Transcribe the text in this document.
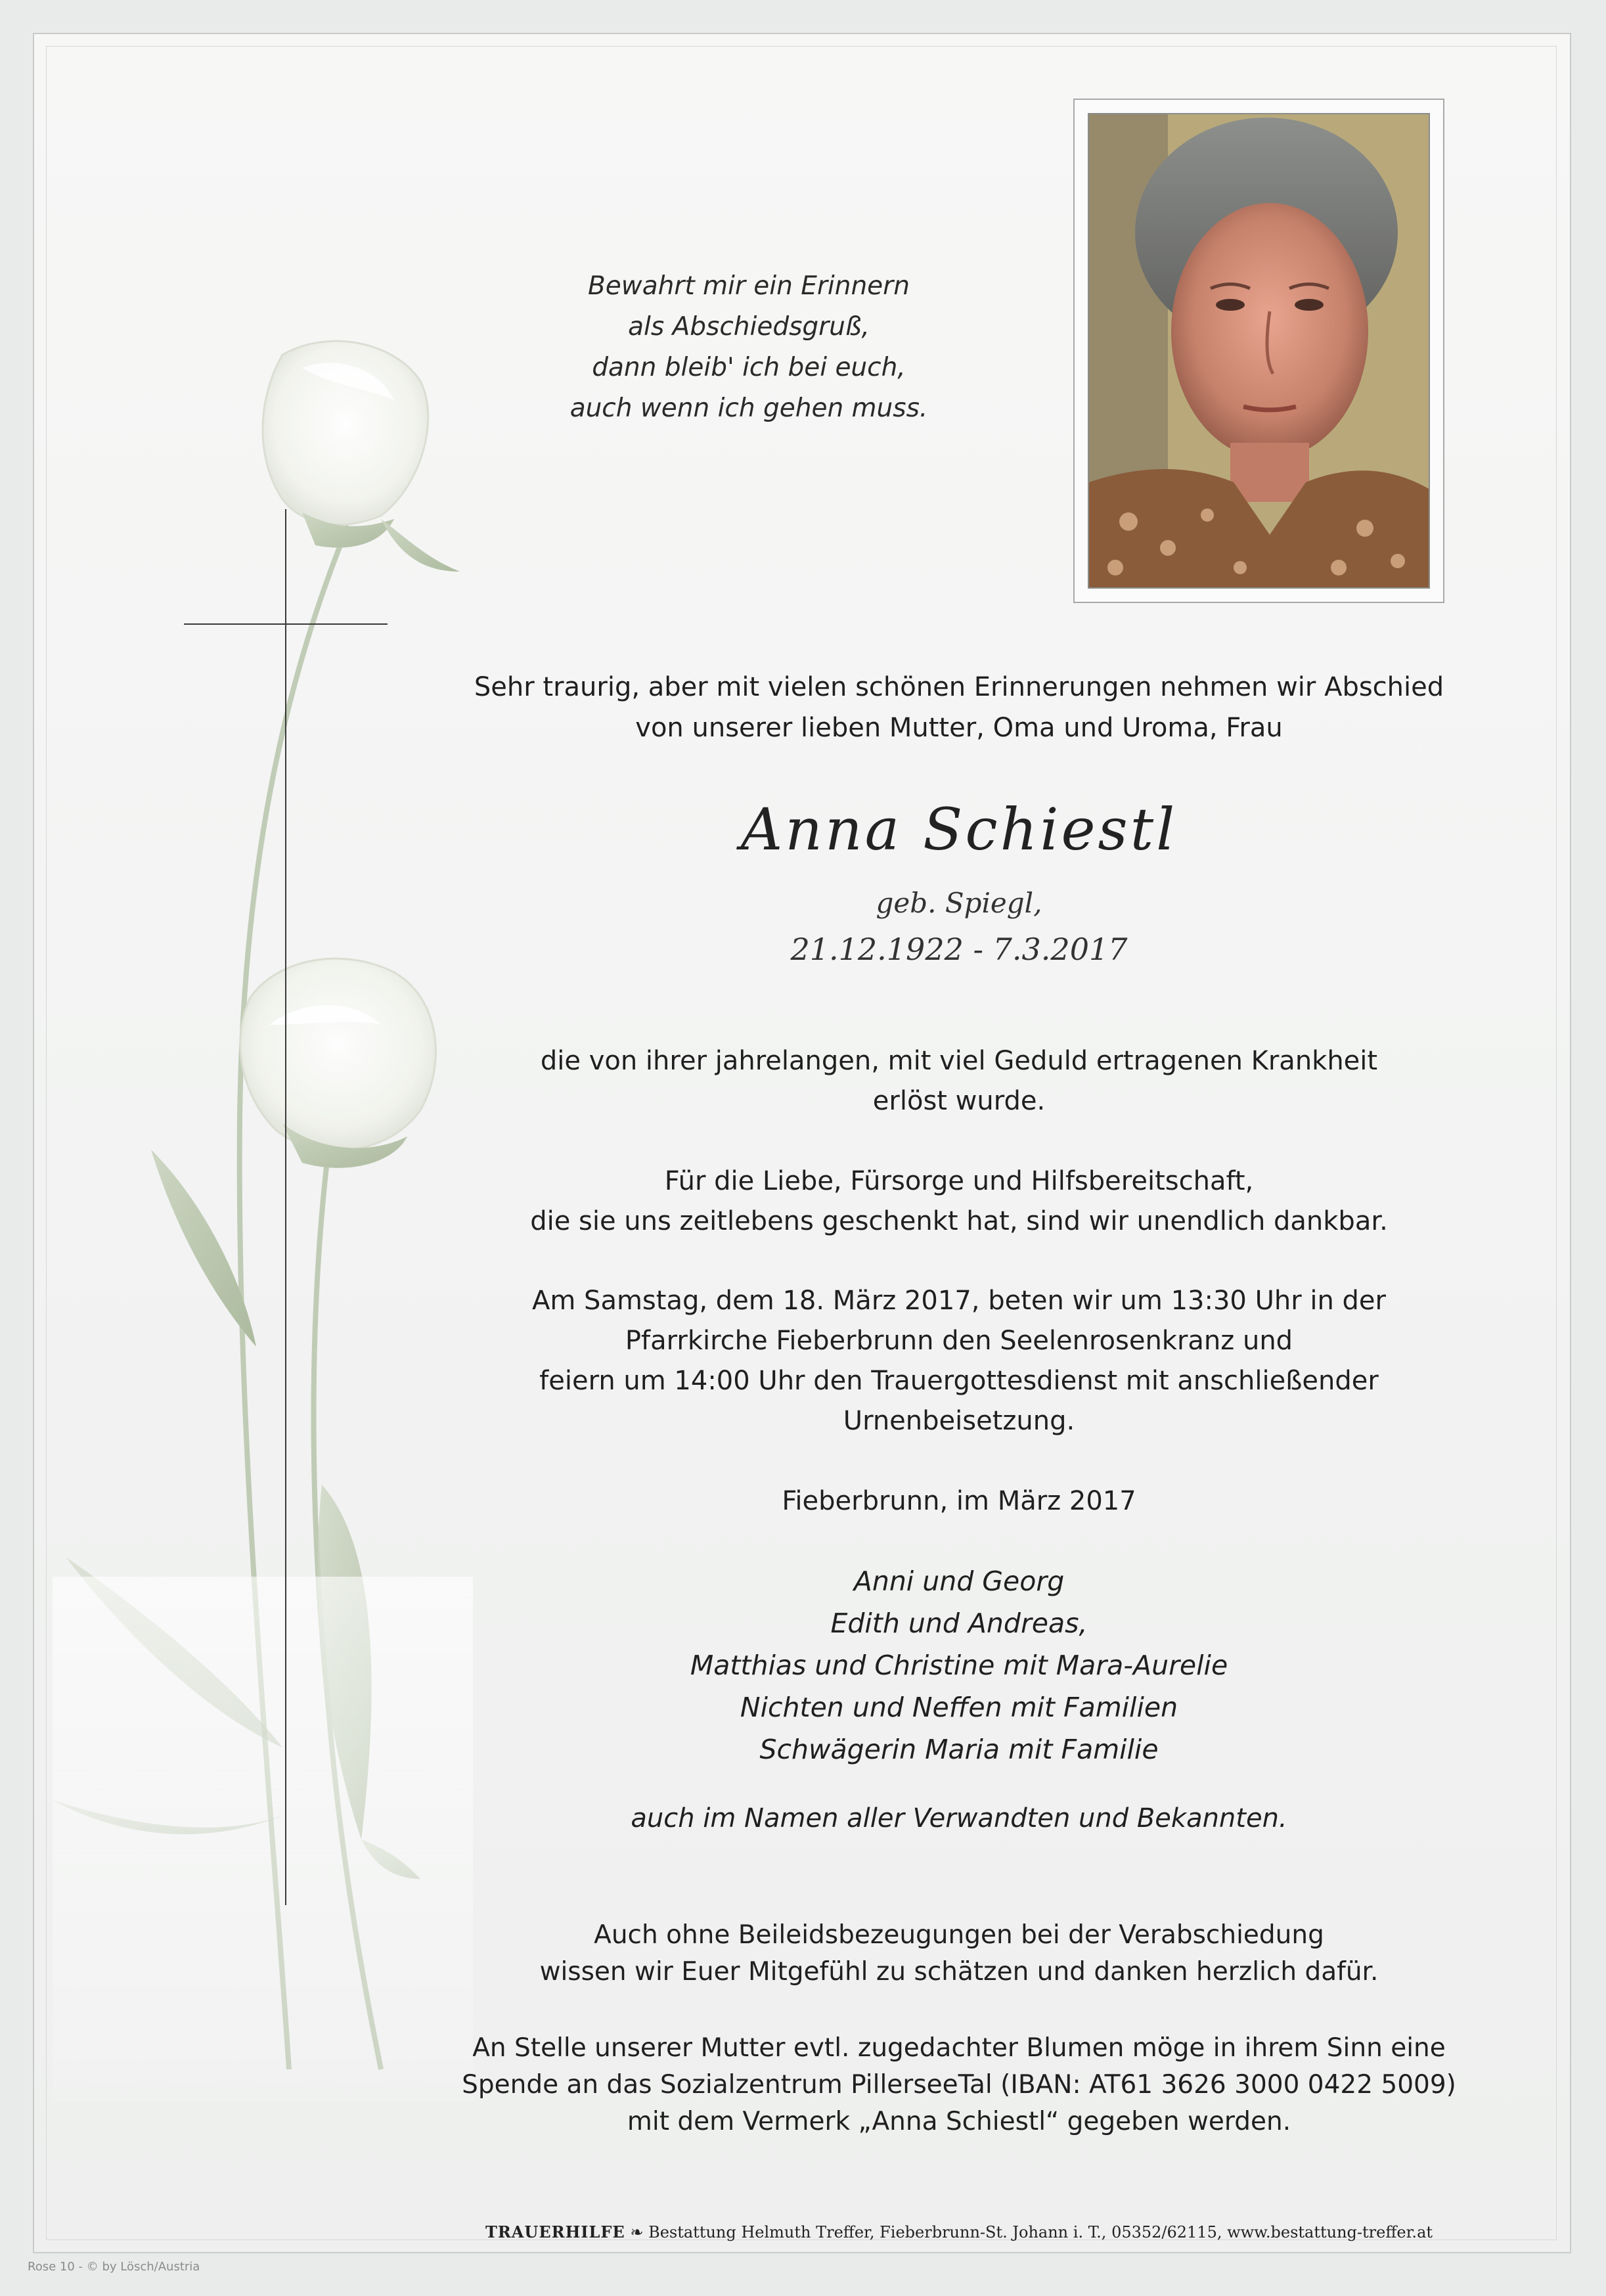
Bewahrt mir ein Erinnern
als Abschiedsgruß,
dann bleib' ich bei euch,
auch wenn ich gehen muss.
Sehr traurig, aber mit vielen schönen Erinnerungen nehmen wir Abschied
von unserer lieben Mutter, Oma und Uroma, Frau
Anna Schiestl
geb. Spiegl,
21.12.1922 - 7.3.2017
die von ihrer jahrelangen, mit viel Geduld ertragenen Krankheit
erlöst wurde.
Für die Liebe, Fürsorge und Hilfsbereitschaft,
die sie uns zeitlebens geschenkt hat, sind wir unendlich dankbar.
Am Samstag, dem 18. März 2017, beten wir um 13:30 Uhr in der
Pfarrkirche Fieberbrunn den Seelenrosenkranz und
feiern um 14:00 Uhr den Trauergottesdienst mit anschließender
Urnenbeisetzung.
Fieberbrunn, im März 2017
Anni und Georg
Edith und Andreas,
Matthias und Christine mit Mara-Aurelie
Nichten und Neffen mit Familien
Schwägerin Maria mit Familie
auch im Namen aller Verwandten und Bekannten.
Auch ohne Beileidsbezeugungen bei der Verabschiedung
wissen wir Euer Mitgefühl zu schätzen und danken herzlich dafür.
An Stelle unserer Mutter evtl. zugedachter Blumen möge in ihrem Sinn eine
Spende an das Sozialzentrum PillerseeTal (IBAN: AT61 3626 3000 0422 5009)
mit dem Vermerk „Anna Schiestl“ gegeben werden.
TRAUERHILFE ❧ Bestattung Helmuth Treffer, Fieberbrunn-St. Johann i. T., 05352/62115, www.bestattung-treffer.at
Rose 10 - © by Lösch/Austria
